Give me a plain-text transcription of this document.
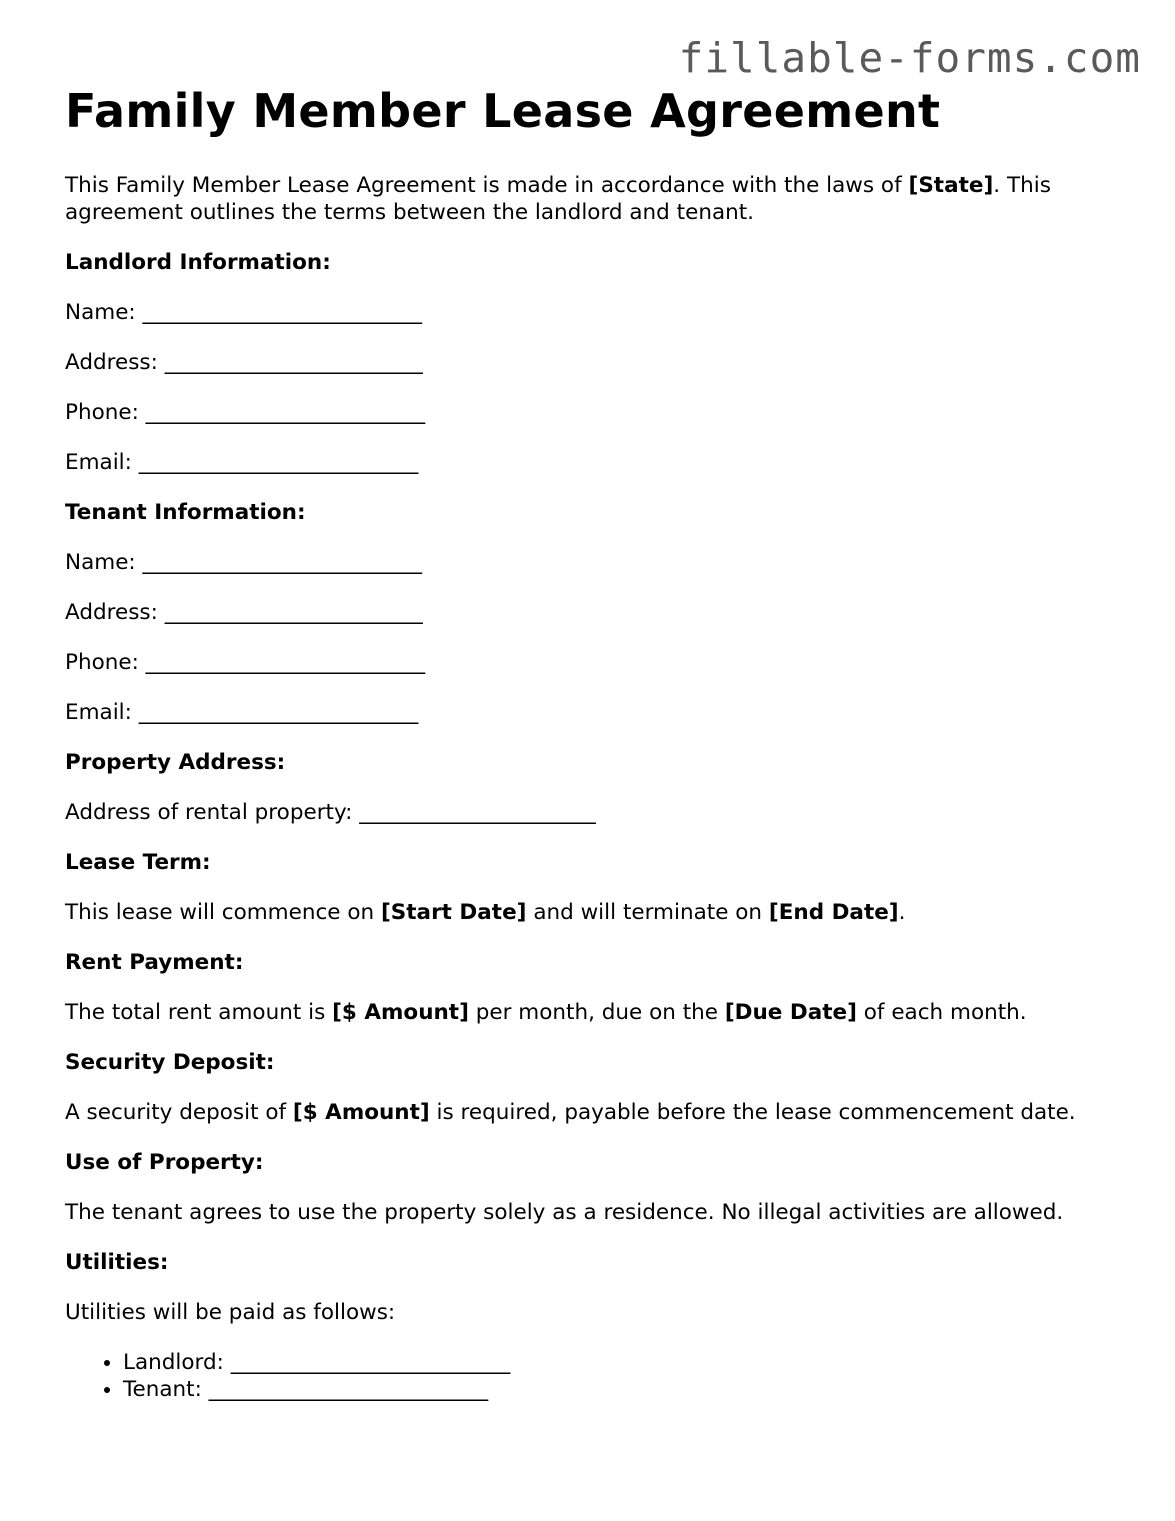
fillable-forms.com
Family Member Lease Agreement

This Family Member Lease Agreement is made in accordance with the laws of [State]. This agreement outlines the terms between the landlord and tenant.

Landlord Information:

Name: __________________________

Address: ________________________

Phone: __________________________

Email: __________________________

Tenant Information:

Name: __________________________

Address: ________________________

Phone: __________________________

Email: __________________________

Property Address:

Address of rental property: ______________________

Lease Term:

This lease will commence on [Start Date] and will terminate on [End Date].

Rent Payment:

The total rent amount is [$ Amount] per month, due on the [Due Date] of each month.

Security Deposit:

A security deposit of [$ Amount] is required, payable before the lease commencement date.

Use of Property:

The tenant agrees to use the property solely as a residence. No illegal activities are allowed.

Utilities:

Utilities will be paid as follows:

• Landlord: __________________________
• Tenant: __________________________
